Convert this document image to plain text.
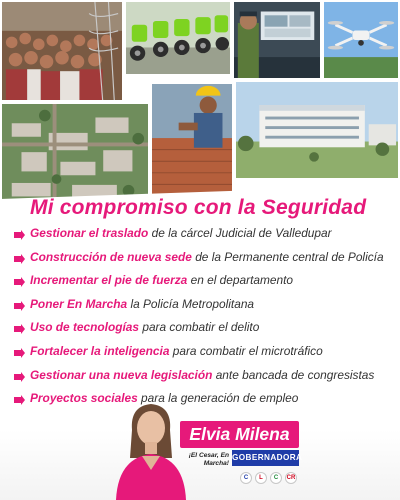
Mi compromiso con la Seguridad
Gestionar el traslado de la cárcel Judicial de Valledupar
Construcción de nueva sede de la Permanente central de Policía
Incrementar el pie de fuerza en el departamento
Poner En Marcha la Policía Metropolitana
Uso de tecnologías para combatir el delito
Fortalecer la inteligencia para combatir el microtráfico
Gestionar una nueva legislación ante bancada de congresistas
Proyectos sociales para la generación de empleo
Elvia Milena
¡El Cesar, En Marcha!
GOBERNADORA
C	L	C	CR
